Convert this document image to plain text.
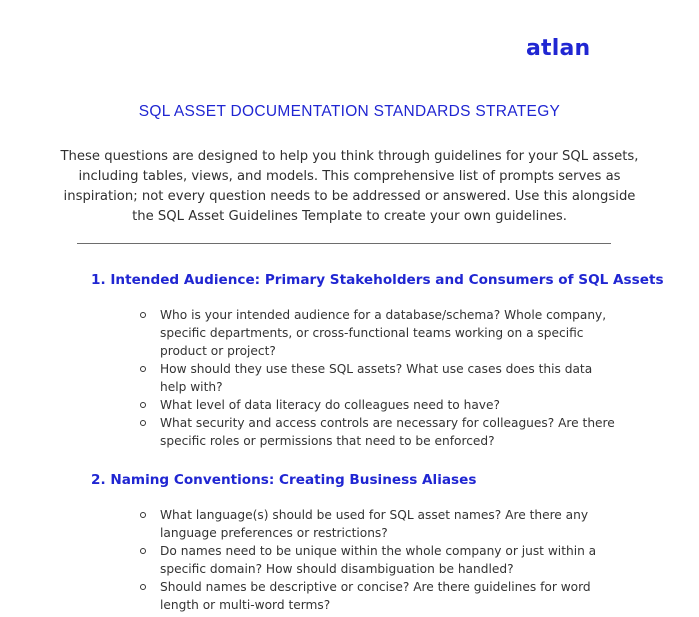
atlan
SQL ASSET DOCUMENTATION STANDARDS STRATEGY

These questions are designed to help you think through guidelines for your SQL assets, including tables, views, and models. This comprehensive list of prompts serves as inspiration; not every question needs to be addressed or answered. Use this alongside the SQL Asset Guidelines Template to create your own guidelines.

1. Intended Audience: Primary Stakeholders and Consumers of SQL Assets
Who is your intended audience for a database/schema? Whole company, specific departments, or cross-functional teams working on a specific product or project?
How should they use these SQL assets? What use cases does this data help with?
What level of data literacy do colleagues need to have?
What security and access controls are necessary for colleagues? Are there specific roles or permissions that need to be enforced?
2. Naming Conventions: Creating Business Aliases
What language(s) should be used for SQL asset names? Are there any language preferences or restrictions?
Do names need to be unique within the whole company or just within a specific domain? How should disambiguation be handled?
Should names be descriptive or concise? Are there guidelines for word length or multi-word terms?
